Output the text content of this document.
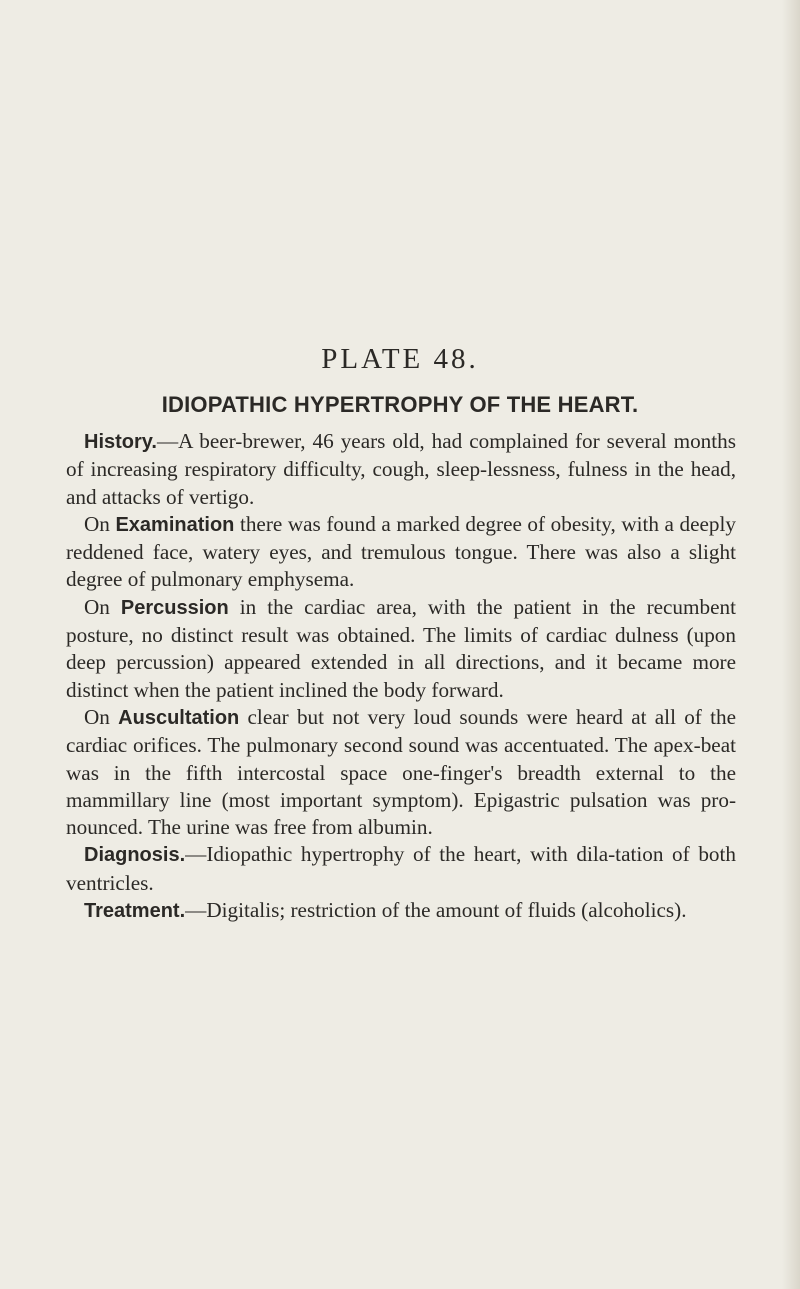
PLATE 48.
IDIOPATHIC HYPERTROPHY OF THE HEART.

History.—A beer-brewer, 46 years old, had complained for several months of increasing respiratory difficulty, cough, sleep-lessness, fulness in the head, and attacks of vertigo.

On Examination there was found a marked degree of obesity, with a deeply reddened face, watery eyes, and tremulous tongue. There was also a slight degree of pulmonary emphysema.

On Percussion in the cardiac area, with the patient in the recumbent posture, no distinct result was obtained. The limits of cardiac dulness (upon deep percussion) appeared extended in all directions, and it became more distinct when the patient inclined the body forward.

On Auscultation clear but not very loud sounds were heard at all of the cardiac orifices. The pulmonary second sound was accentuated. The apex-beat was in the fifth intercostal space one-finger's breadth external to the mammillary line (most important symptom). Epigastric pulsation was pro-nounced. The urine was free from albumin.

Diagnosis.—Idiopathic hypertrophy of the heart, with dila-tation of both ventricles.

Treatment.—Digitalis; restriction of the amount of fluids (alcoholics).
